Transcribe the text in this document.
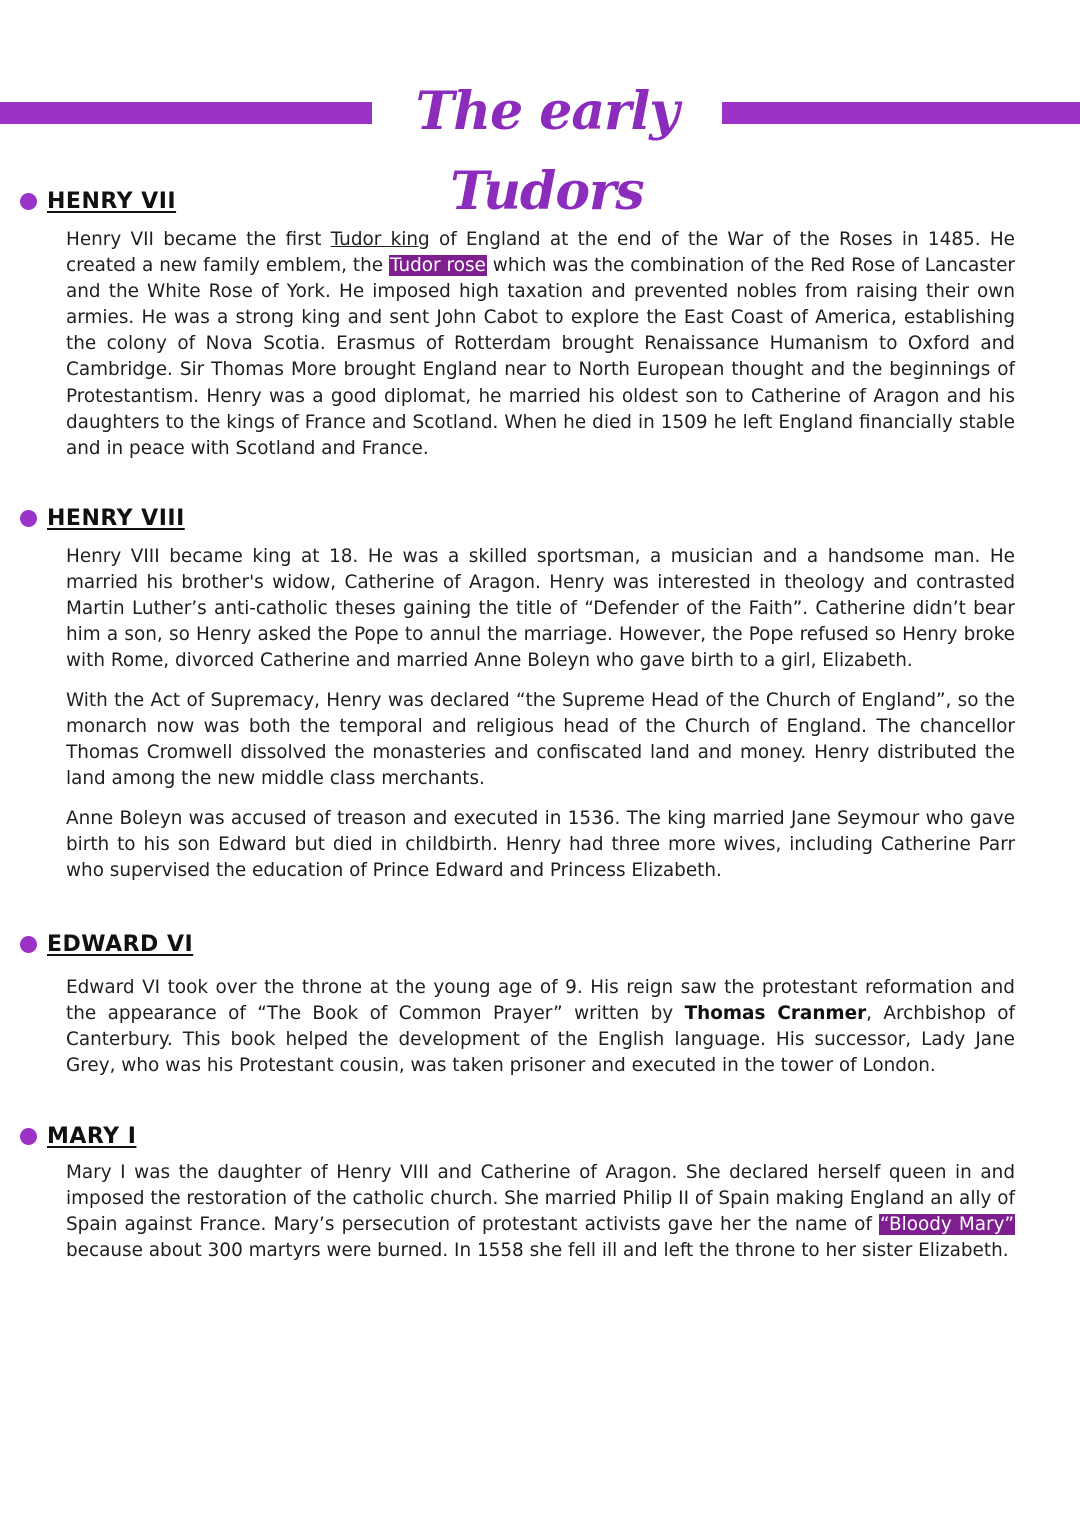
The early Tudors
HENRY VII

Henry VII became the first Tudor king of England at the end of the War of the Roses in 1485. He created a new family emblem, the Tudor rose which was the combination of the Red Rose of Lancaster and the White Rose of York. He imposed high taxation and prevented nobles from raising their own armies. He was a strong king and sent John Cabot to explore the East Coast of America, establishing the colony of Nova Scotia. Erasmus of Rotterdam brought Renaissance Humanism to Oxford and Cambridge. Sir Thomas More brought England near to North European thought and the beginnings of Protestantism. Henry was a good diplomat, he married his oldest son to Catherine of Aragon and his daughters to the kings of France and Scotland. When he died in 1509 he left England financially stable and in peace with Scotland and France.

HENRY VIII

Henry VIII became king at 18. He was a skilled sportsman, a musician and a handsome man. He married his brother's widow, Catherine of Aragon. Henry was interested in theology and contrasted Martin Luther’s anti-catholic theses gaining the title of “Defender of the Faith”. Catherine didn’t bear him a son, so Henry asked the Pope to annul the marriage. However, the Pope refused so Henry broke with Rome, divorced Catherine and married Anne Boleyn who gave birth to a girl, Elizabeth.

With the Act of Supremacy, Henry was declared “the Supreme Head of the Church of England”, so the monarch now was both the temporal and religious head of the Church of England. The chancellor Thomas Cromwell dissolved the monasteries and confiscated land and money. Henry distributed the land among the new middle class merchants.

Anne Boleyn was accused of treason and executed in 1536. The king married Jane Seymour who gave birth to his son Edward but died in childbirth. Henry had three more wives, including Catherine Parr who supervised the education of Prince Edward and Princess Elizabeth.

EDWARD VI

Edward VI took over the throne at the young age of 9. His reign saw the protestant reformation and the appearance of “The Book of Common Prayer” written by Thomas Cranmer, Archbishop of Canterbury. This book helped the development of the English language. His successor, Lady Jane Grey, who was his Protestant cousin, was taken prisoner and executed in the tower of London.

MARY I

Mary I was the daughter of Henry VIII and Catherine of Aragon. She declared herself queen in and imposed the restoration of the catholic church. She married Philip II of Spain making England an ally of Spain against France. Mary’s persecution of protestant activists gave her the name of “Bloody Mary” because about 300 martyrs were burned. In 1558 she fell ill and left the throne to her sister Elizabeth.
